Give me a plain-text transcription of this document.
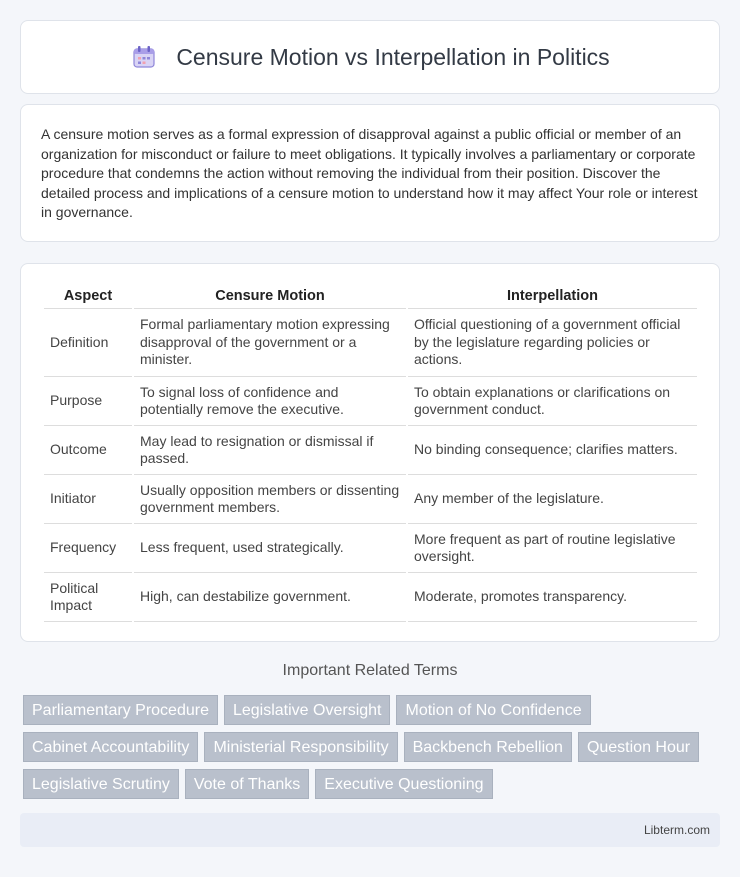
Censure Motion vs Interpellation in Politics

A censure motion serves as a formal expression of disapproval against a public official or member of an organization for misconduct or failure to meet obligations. It typically involves a parliamentary or corporate procedure that condemns the action without removing the individual from their position. Discover the detailed process and implications of a censure motion to understand how it may affect Your role or interest in governance.

Aspect	Censure Motion	Interpellation
Definition	Formal parliamentary motion expressing disapproval of the government or a minister.	Official questioning of a government official by the legislature regarding policies or actions.
Purpose	To signal loss of confidence and potentially remove the executive.	To obtain explanations or clarifications on government conduct.
Outcome	May lead to resignation or dismissal if passed.	No binding consequence; clarifies matters.
Initiator	Usually opposition members or dissenting government members.	Any member of the legislature.
Frequency	Less frequent, used strategically.	More frequent as part of routine legislative oversight.
Political Impact	High, can destabilize government.	Moderate, promotes transparency.
Important Related Terms
Parliamentary Procedure	Legislative Oversight	Motion of No Confidence
Cabinet Accountability	Ministerial Responsibility	Backbench Rebellion	Question Hour
Legislative Scrutiny	Vote of Thanks	Executive Questioning
Libterm.com
